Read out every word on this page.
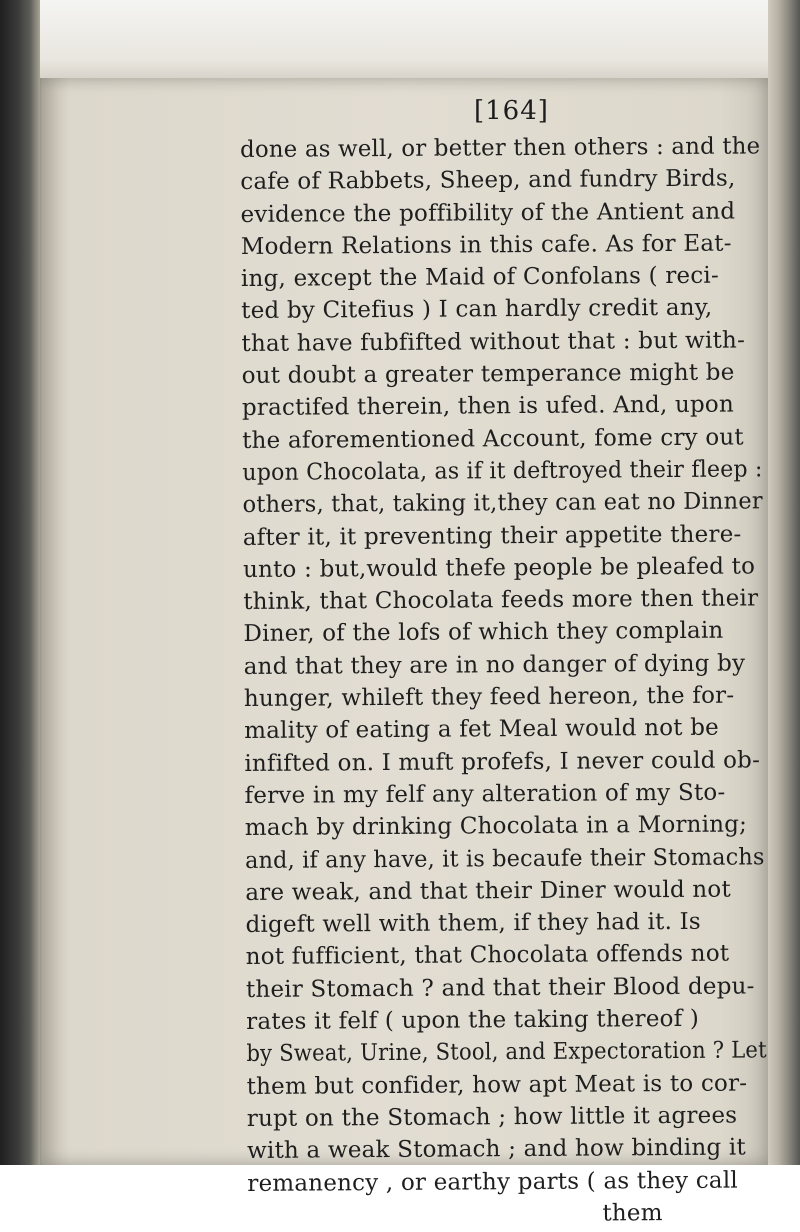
[164]
done as well, or better then others : and the
cafe of Rabbets, Sheep, and fundry Birds,
evidence the poffibility of the Antient and
Modern Relations in this cafe. As for Eat-
ing, except the Maid of Confolans ( reci-
ted by Citefius ) I can hardly credit any,
that have fubfifted without that : but with-
out doubt a greater temperance might be
practifed therein, then is ufed. And, upon
the aforementioned Account, fome cry out
upon Chocolata, as if it deftroyed their fleep :
others, that, taking it,they can eat no Dinner
after it, it preventing their appetite there-
unto : but,would thefe people be pleafed to
think, that Chocolata feeds more then their
Diner, of the lofs of which they complain
and that they are in no danger of dying by
hunger, whileft they feed hereon, the for-
mality of eating a fet Meal would not be
infifted on. I muft profefs, I never could ob-
ferve in my felf any alteration of my Sto-
mach by drinking Chocolata in a Morning;
and, if any have, it is becaufe their Stomachs
are weak, and that their Diner would not
digeft well with them, if they had it. Is
not fufficient, that Chocolata offends not
their Stomach ? and that their Blood depu-
rates it felf ( upon the taking thereof )
by Sweat, Urine, Stool, and Expectoration ? Let
them but confider, how apt Meat is to cor-
rupt on the Stomach ; how little it agrees
with a weak Stomach ; and how binding it
remanency , or earthy parts ( as they call
them
